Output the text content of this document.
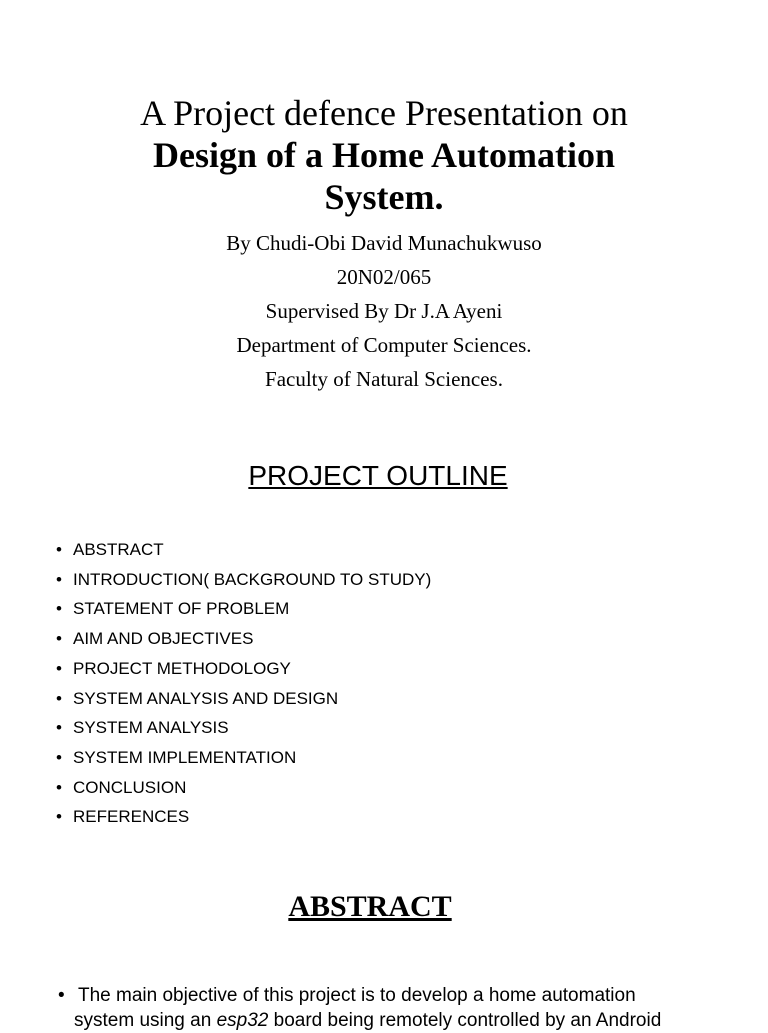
A Project defence Presentation on
Design of a Home Automation
System.
By Chudi-Obi David Munachukwuso
20N02/065
Supervised By Dr J.A Ayeni
Department of Computer Sciences.
Faculty of Natural Sciences.
PROJECT OUTLINE
• ABSTRACT
• INTRODUCTION( BACKGROUND TO STUDY)
• STATEMENT OF PROBLEM
• AIM AND OBJECTIVES
• PROJECT METHODOLOGY
• SYSTEM ANALYSIS AND DESIGN
• SYSTEM ANALYSIS
• SYSTEM IMPLEMENTATION
• CONCLUSION
• REFERENCES
ABSTRACT
• The main objective of this project is to develop a home automation
system using an esp32 board being remotely controlled by an Android
